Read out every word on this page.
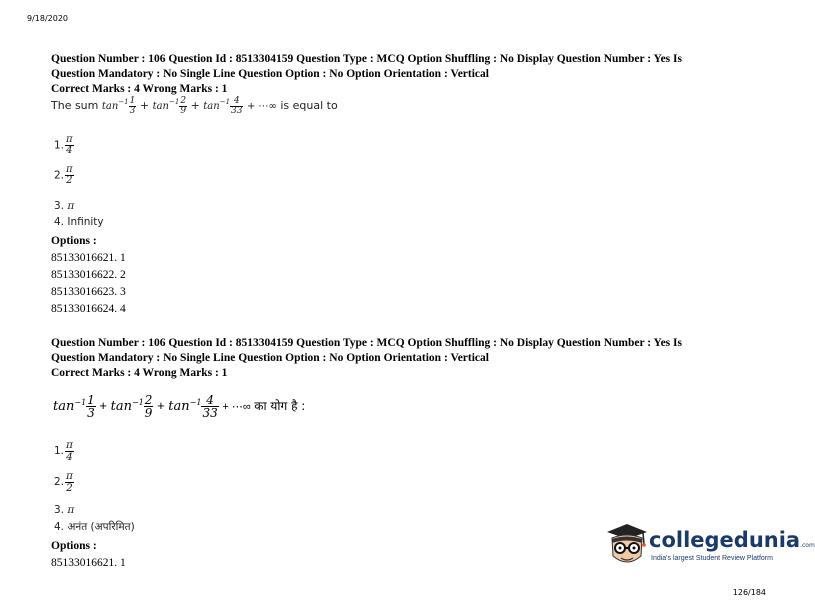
9/18/2020
Question Number : 106 Question Id : 8513304159 Question Type : MCQ Option Shuffling : No Display Question Number : Yes Is
Question Mandatory : No Single Line Question Option : No Option Orientation : Vertical
Correct Marks : 4 Wrong Marks : 1
The sum $\tan^{-1} \frac{1}{3} + \tan^{-1} \frac{2}{9} + \tan^{-1} \frac{4}{33}$ + ⋯∞ is equal to
1. $\frac{\pi}{4}$
2. $\frac{\pi}{2}$
3. π
4. Infinity
Options :
85133016621. 1
85133016622. 2
85133016623. 3
85133016624. 4
Question Number : 106 Question Id : 8513304159 Question Type : MCQ Option Shuffling : No Display Question Number : Yes Is
Question Mandatory : No Single Line Question Option : No Option Orientation : Vertical
Correct Marks : 4 Wrong Marks : 1
$\tan^{-1} \frac{1}{3} + \tan^{-1} \frac{2}{9} + \tan^{-1} \frac{4}{33}$ + ⋯∞ का योग है :
1. $\frac{\pi}{4}$
2. $\frac{\pi}{2}$
3. π
4. अनंत (अपरिमित)
Options :
85133016621. 1
collegedunia.com
India's largest Student Review Platform
126/184
